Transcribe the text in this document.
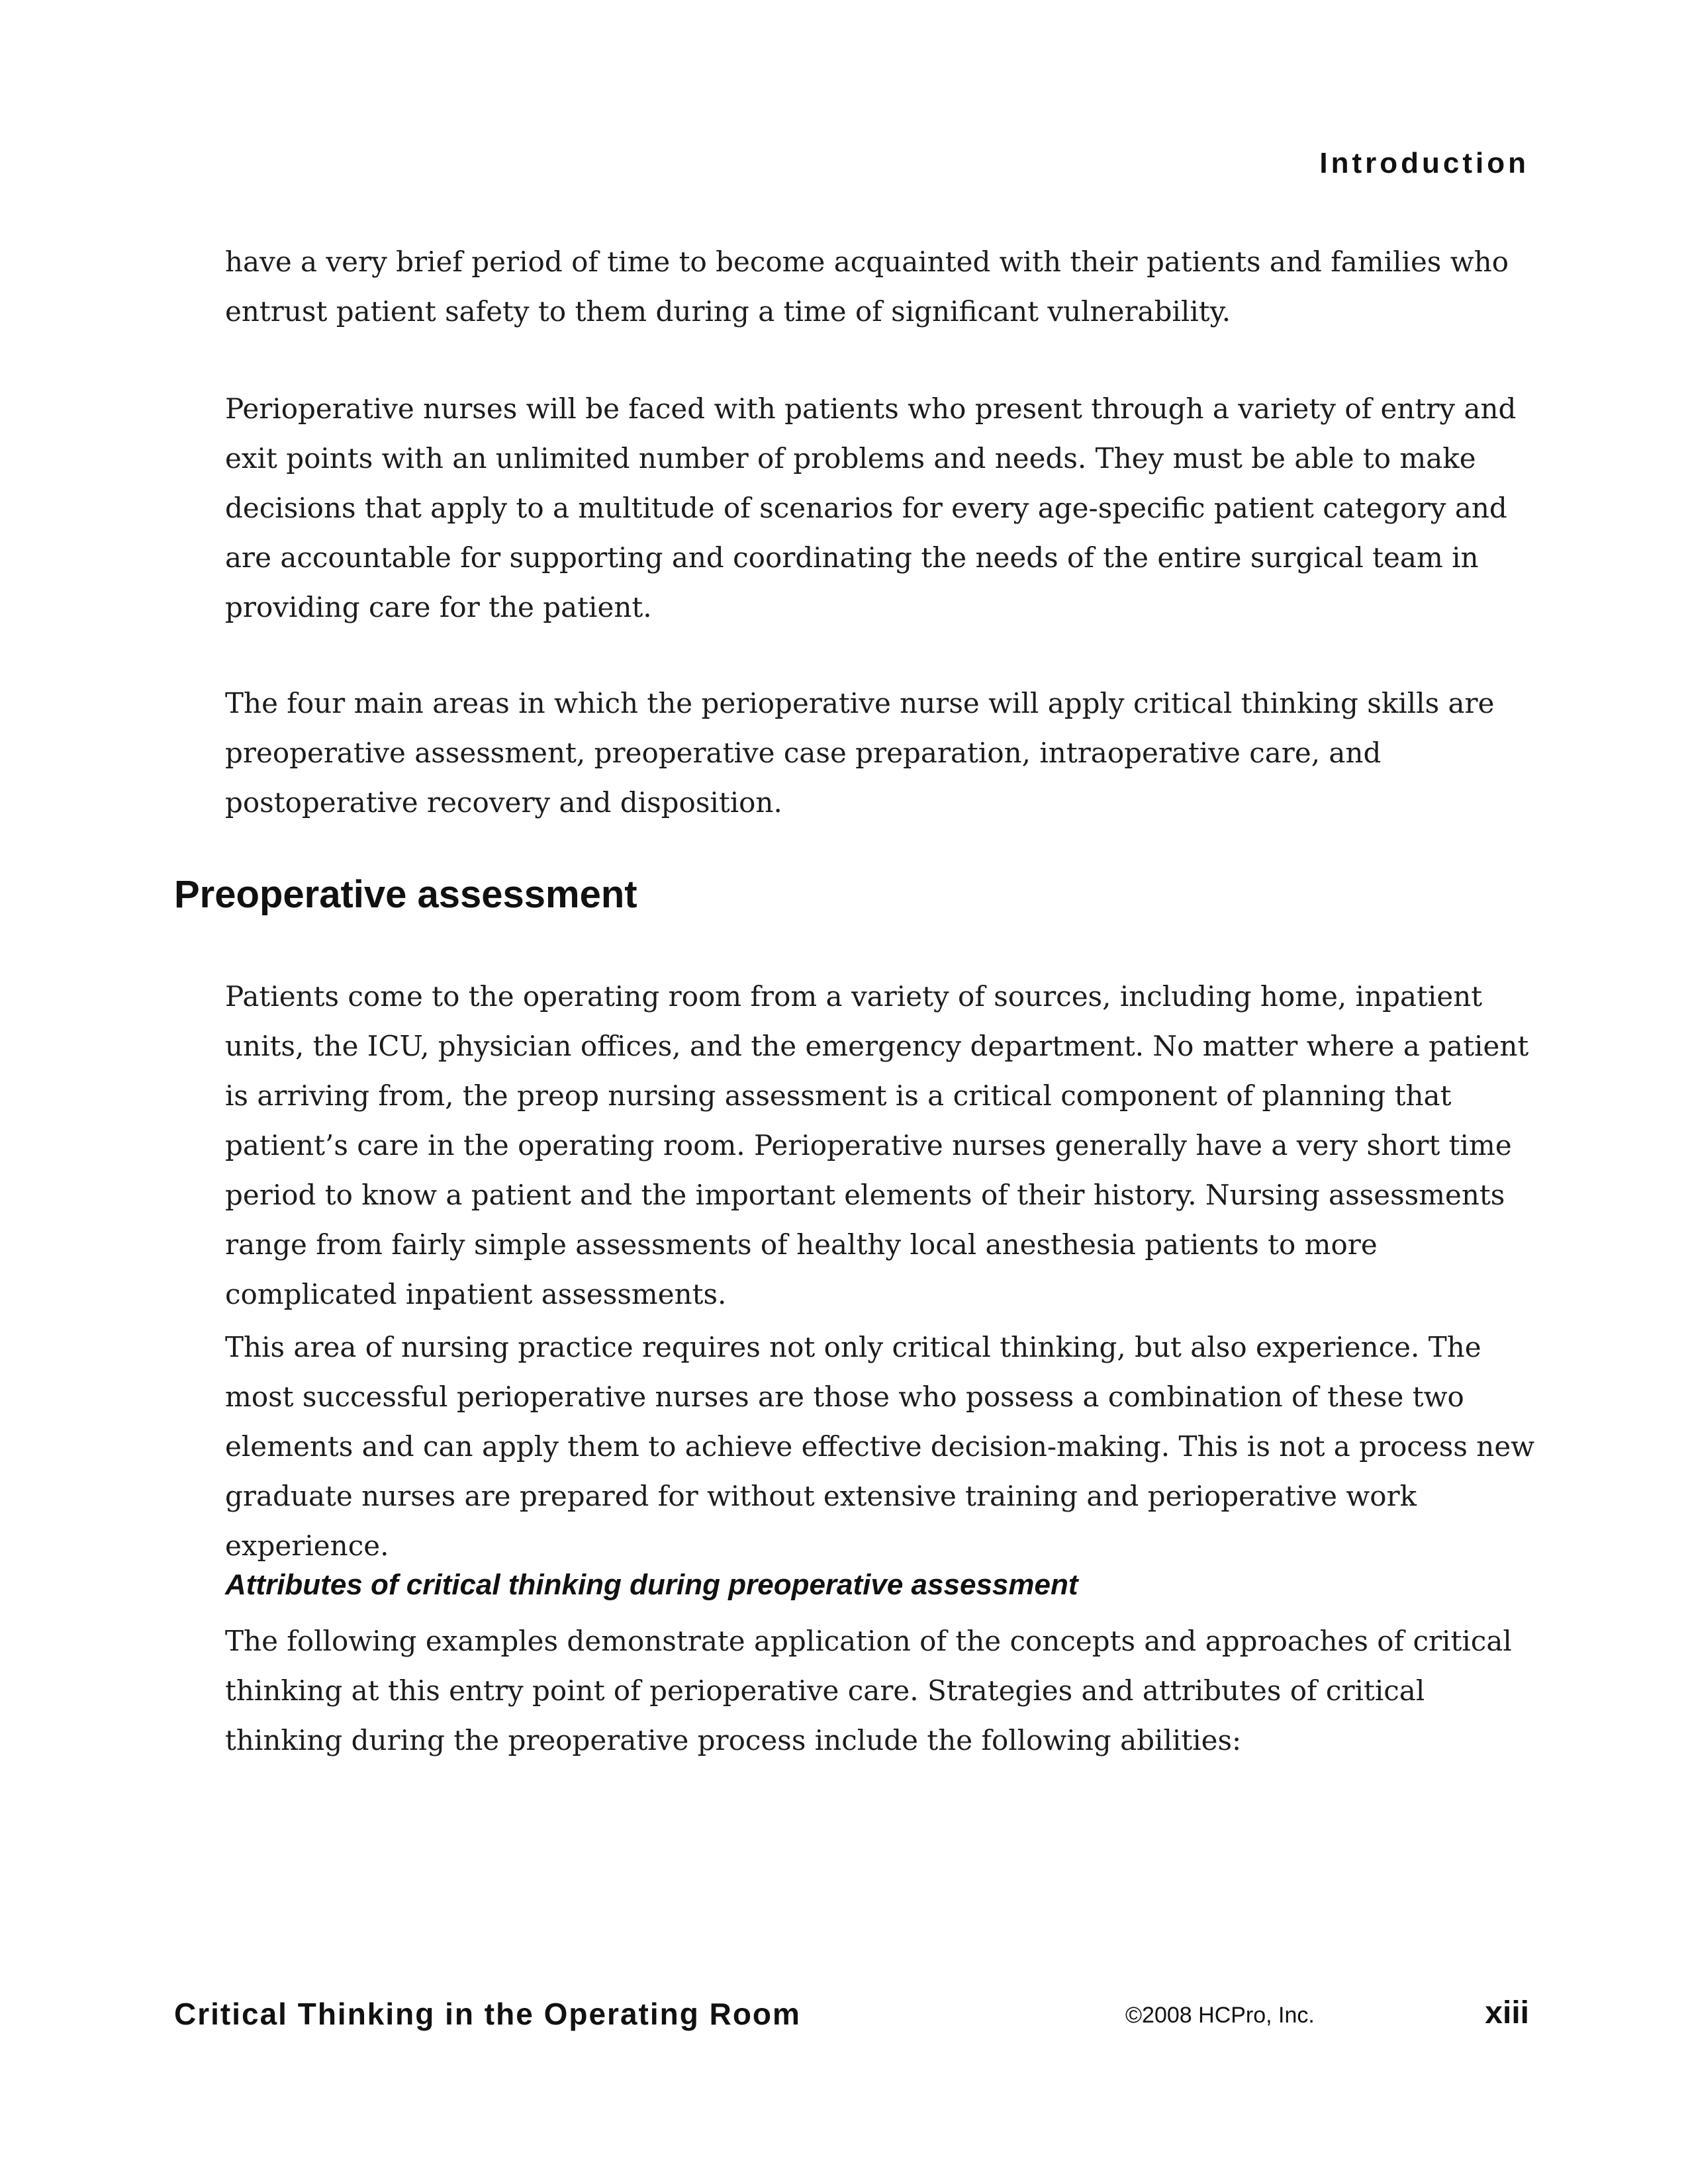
Introduction

have a very brief period of time to become acquainted with their patients and families who entrust patient safety to them during a time of significant vulnerability.

Perioperative nurses will be faced with patients who present through a variety of entry and exit points with an unlimited number of problems and needs. They must be able to make decisions that apply to a multitude of scenarios for every age-specific patient category and are accountable for supporting and coordinating the needs of the entire surgical team in providing care for the patient.

The four main areas in which the perioperative nurse will apply critical thinking skills are preoperative assessment, preoperative case preparation, intraoperative care, and postoperative recovery and disposition.

Preoperative assessment

Patients come to the operating room from a variety of sources, including home, inpatient units, the ICU, physician offices, and the emergency department. No matter where a patient is arriving from, the preop nursing assessment is a critical component of planning that patient’s care in the operating room. Perioperative nurses generally have a very short time period to know a patient and the important elements of their history. Nursing assessments range from fairly simple assessments of healthy local anesthesia patients to more complicated inpatient assessments.

This area of nursing practice requires not only critical thinking, but also experience. The most successful perioperative nurses are those who possess a combination of these two elements and can apply them to achieve effective decision-making. This is not a process new graduate nurses are prepared for without extensive training and perioperative work experience.

Attributes of critical thinking during preoperative assessment

The following examples demonstrate application of the concepts and approaches of critical thinking at this entry point of perioperative care. Strategies and attributes of critical thinking during the preoperative process include the following abilities:

Critical Thinking in the Operating Room	©2008 HCPro, Inc.	xiii
